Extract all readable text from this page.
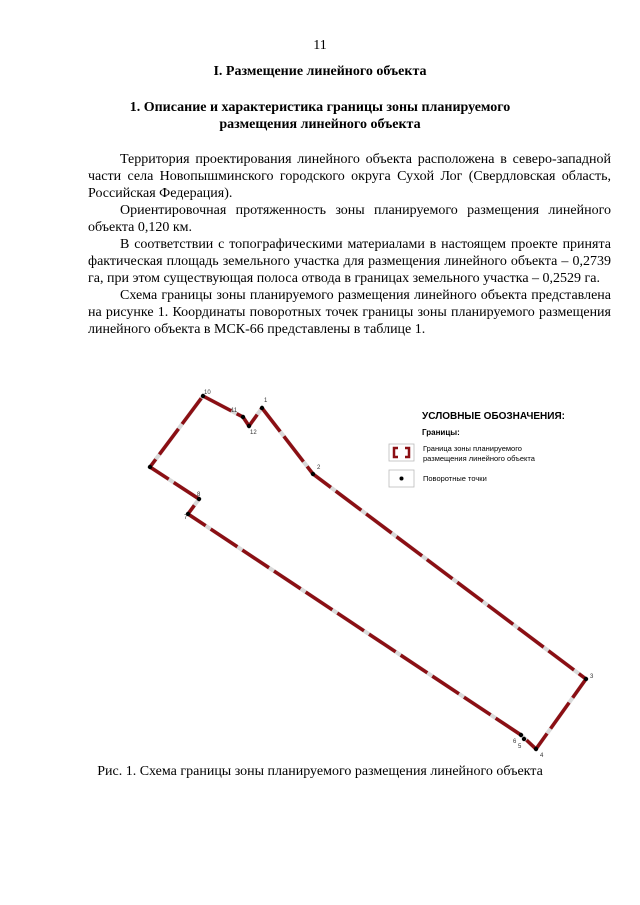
11
I. Размещение линейного объекта
1. Описание и характеристика границы зоны планируемого размещения линейного объекта

Территория проектирования линейного объекта расположена в северо-западной части села Новопышминского городского округа Сухой Лог (Свердловская область, Российская Федерация).

Ориентировочная протяженность зоны планируемого размещения линейного объекта 0,120 км.

В соответствии с топографическими материалами в настоящем проекте принята фактическая площадь земельного участка для размещения линейного объекта – 0,2739 га, при этом существующая полоса отвода в границах земельного участка – 0,2529 га.

Схема границы зоны планируемого размещения линейного объекта представлена на рисунке 1. Координаты поворотных точек границы зоны планируемого размещения линейного объекта в МСК-66 представлены в таблице 1.

1
2
3
4
5
6
7
8
10
11
12
УСЛОВНЫЕ ОБОЗНАЧЕНИЯ:
Границы:
Граница зоны планируемого
размещения линейного объекта
Поворотные точки
Рис. 1. Схема границы зоны планируемого размещения линейного объекта
